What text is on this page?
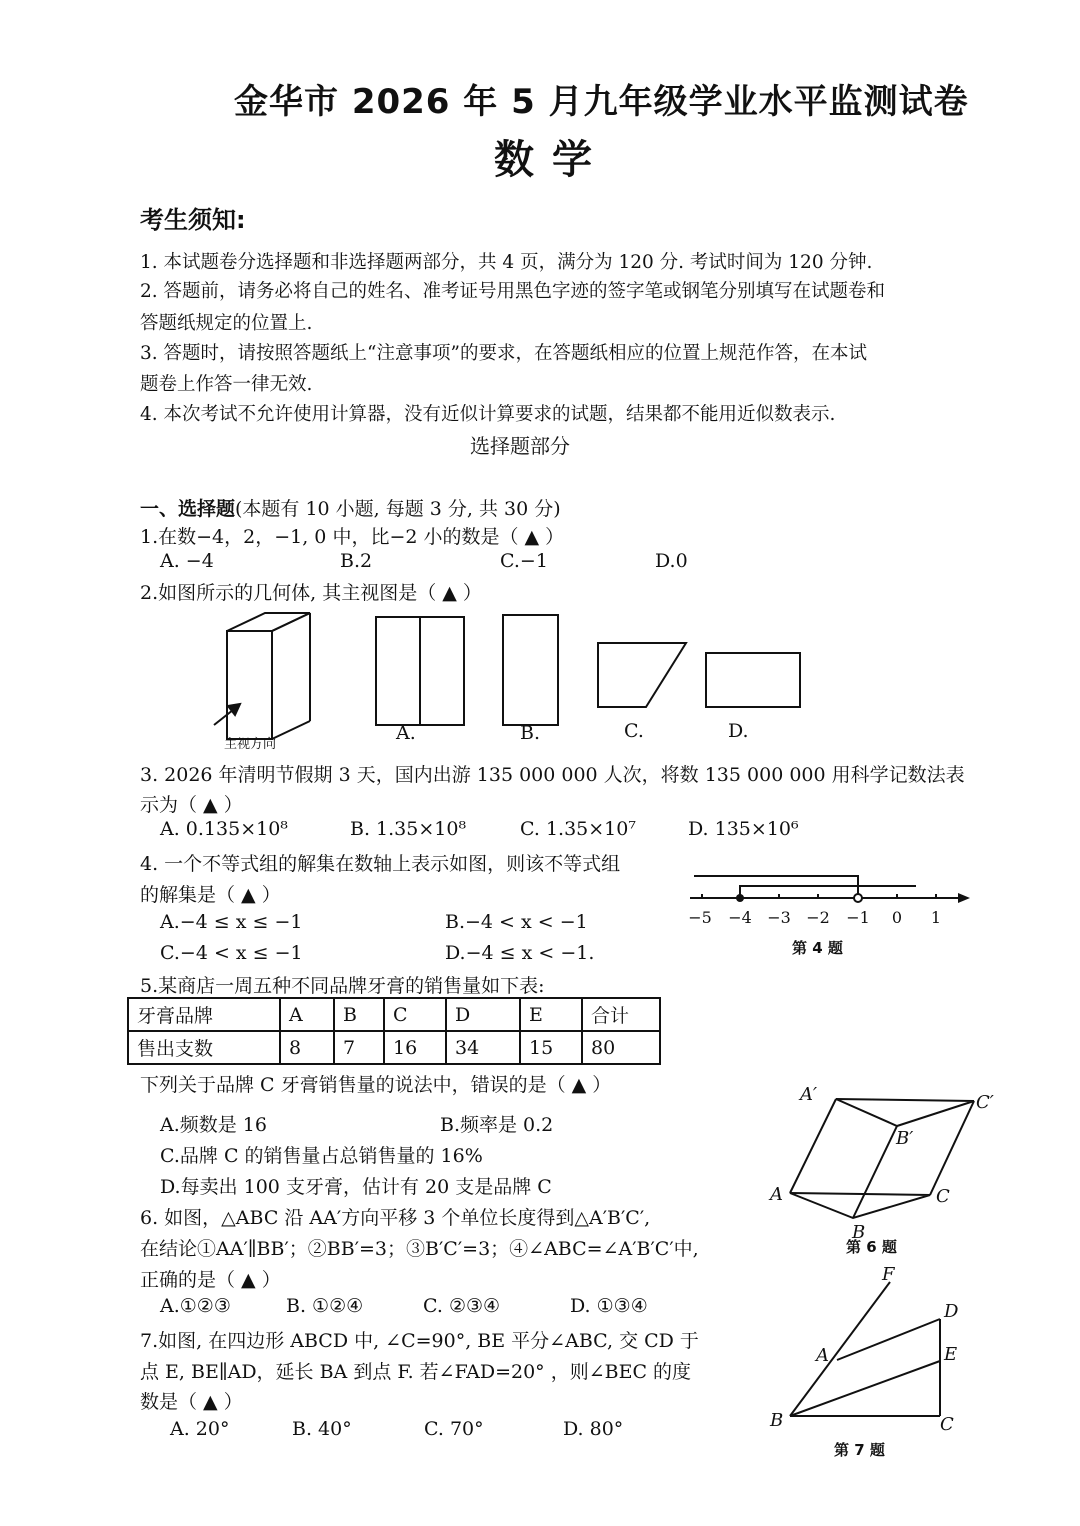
金华市 2026 年 5 月九年级学业水平监测试卷
数学
考生须知:
1. 本试题卷分选择题和非选择题两部分，共 4 页，满分为 120 分. 考试时间为 120 分钟.
2. 答题前，请务必将自己的姓名、准考证号用黑色字迹的签字笔或钢笔分别填写在试题卷和
答题纸规定的位置上.
3. 答题时，请按照答题纸上“注意事项”的要求，在答题纸相应的位置上规范作答，在本试
题卷上作答一律无效.
4. 本次考试不允许使用计算器，没有近似计算要求的试题，结果都不能用近似数表示.
选择题部分
一、选择题(本题有 10 小题, 每题 3 分, 共 30 分)
1.在数−4，2，−1, 0 中，比−2 小的数是（ ▲ ）
A. −4	B.2	C.−1	D.0
2.如图所示的几何体, 其主视图是（ ▲ ）
主视方向
A.	B.	C.	D.
3. 2026 年清明节假期 3 天，国内出游 135 000 000 人次，将数 135 000 000 用科学记数法表
示为（ ▲ ）
A. 0.135×10⁸	B. 1.35×10⁸	C. 1.35×10⁷	D. 135×10⁶
4. 一个不等式组的解集在数轴上表示如图，则该不等式组
的解集是（ ▲ ）
A.−4 ≤ x ≤ −1	B.−4 < x < −1
C.−4 < x ≤ −1	D.−4 ≤ x < −1.
−5 −4 −3 −2 −1 0 1
第 4 题
5.某商店一周五种不同品牌牙膏的销售量如下表:
牙膏品牌	A	B	C	D	E	合计
售出支数	8	7	16	34	15	80
下列关于品牌 C 牙膏销售量的说法中，错误的是（ ▲ ）
A.频数是 16	B.频率是 0.2
C.品牌 C 的销售量占总销售量的 16%
D.每卖出 100 支牙膏，估计有 20 支是品牌 C
A′	C′
B′
A	C
B
第 6 题
6. 如图，△ABC 沿 AA′方向平移 3 个单位长度得到△A′B′C′,
在结论①AA′∥BB′；②BB′=3；③B′C′=3；④∠ABC=∠A′B′C′中,
正确的是（ ▲ ）
A.①②③	B. ①②④	C. ②③④	D. ①③④
7.如图, 在四边形 ABCD 中, ∠C=90°, BE 平分∠ABC, 交 CD 于
点 E, BE∥AD，延长 BA 到点 F. 若∠FAD=20° ，则∠BEC 的度
数是（ ▲ ）
A. 20°	B. 40°	C. 70°	D. 80°
F
D
A	E
B	C
第 7 题
